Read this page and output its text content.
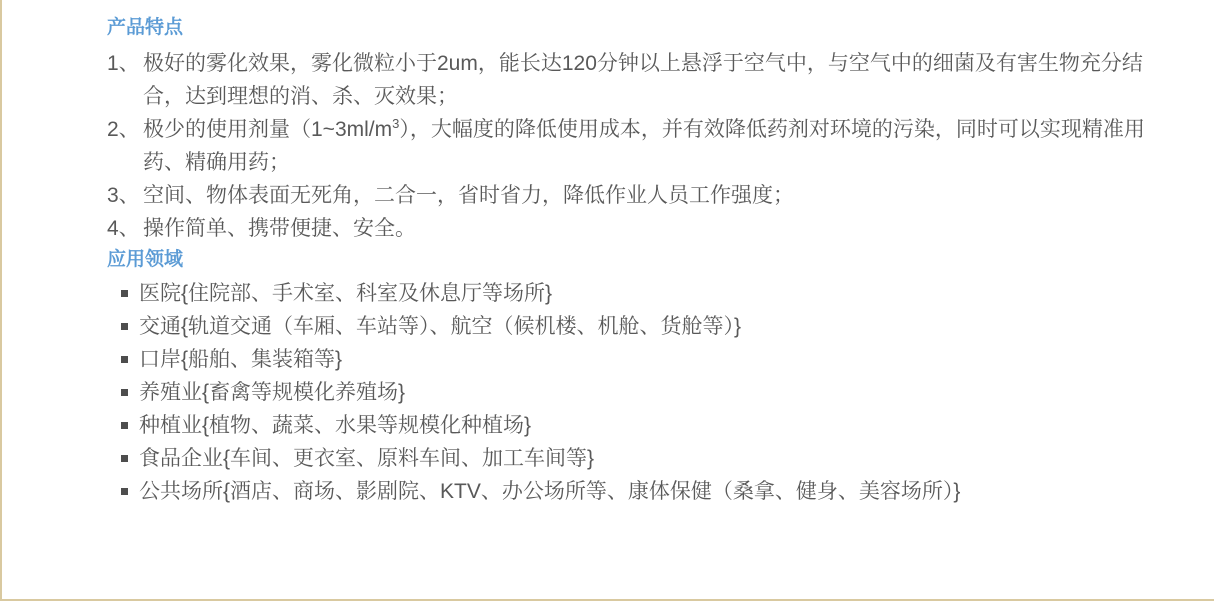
产品特点
1、 极好的雾化效果，雾化微粒小于2um，能长达120分钟以上悬浮于空气中，与空气中的细菌及有害生物充分结合，达到理想的消、杀、灭效果；
2、 极少的使用剂量$(1\sim 3ml/m^3)$，大幅度的降低使用成本，并有效降低药剂对环境的污染，同时可以实现精准用药、精确用药；
3、 空间、物体表面无死角，二合一，省时省力，降低作业人员工作强度；
4、 操作简单、携带便捷、安全。
应用领域
医院{住院部、手术室、科室及休息厅等场所}
交通{轨道交通（车厢、车站等）、航空（候机楼、机舱、货舱等）}
口岸{船舶、集装箱等}
养殖业{畜禽等规模化养殖场}
种植业{植物、蔬菜、水果等规模化种植场}
食品企业{车间、更衣室、原料车间、加工车间等}
公共场所{酒店、商场、影剧院、KTV、办公场所等、康体保健（桑拿、健身、美容场所）}
